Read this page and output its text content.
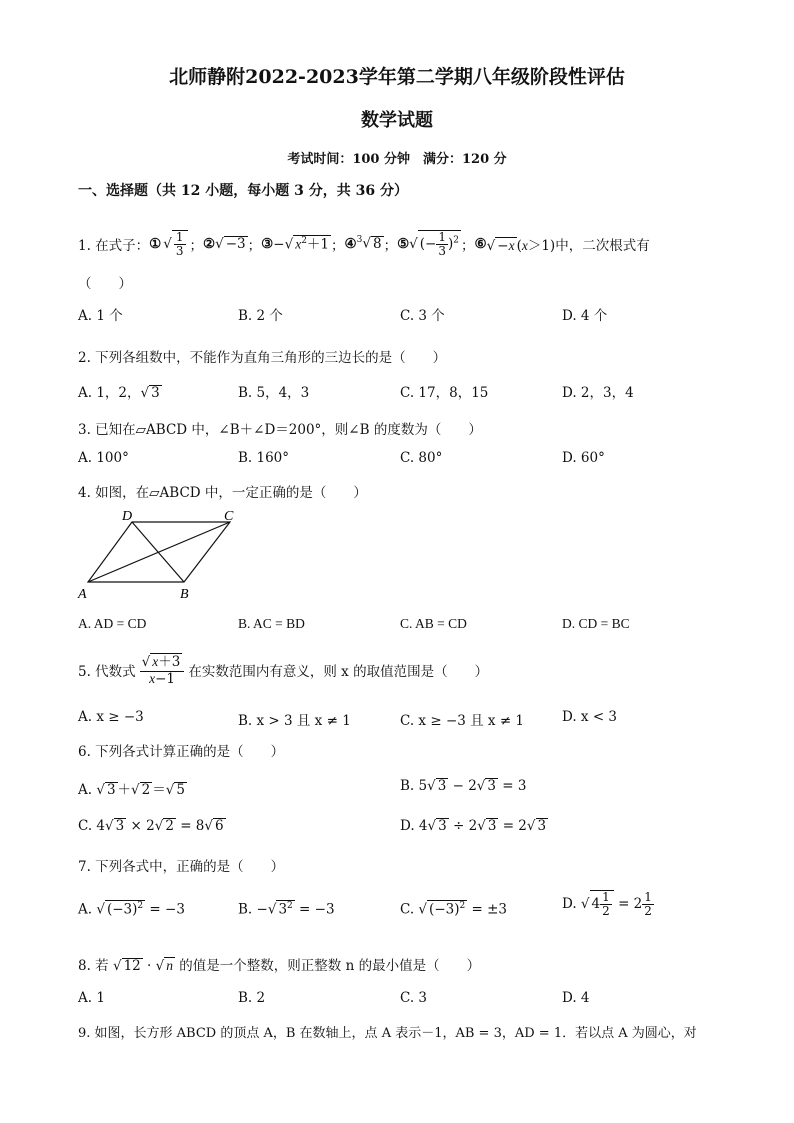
北师静附2022-2023学年第二学期八年级阶段性评估
数学试题
考试时间：100 分钟　满分：120 分
一、选择题（共 12 小题，每小题 3 分，共 36 分）
1. 在式子： ① √ $\frac{1}{3}$ ； ② √ −3 ； ③ −√ $x^2+1$ ； ④ $^3$√ 8 ； ⑤ √ (− $\frac{1}{3} )^2$ ； ⑥ √ −x (x＞1) 中，二次根式有
（　　）
A. 1 个	B. 2 个	C. 3 个	D. 4 个
2. 下列各组数中，不能作为直角三角形的三边长的是（　　）
A. 1，2，√ 3	B. 5，4，3	C. 17，8，15	D. 2，3，4
3. 已知在▱ABCD 中，∠B＋∠D＝200°，则∠B 的度数为（　　）
A. 100°	B. 160°	C. 80°	D. 60°
4. 如图，在▱ABCD 中，一定正确的是（　　）
A	B
C
D
A. AD = CD	B. AC = BD	C. AB = CD	D. CD = BC
5. 代数式 $\frac{√ x+3}{x-1}$ 在实数范围内有意义，则 x 的取值范围是（　　）
A. x ≥ −3	B. x > 3 且 x ≠ 1	C. x ≥ −3 且 x ≠ 1	D. x < 3
6. 下列各式计算正确的是（　　）
A. √ 3 ＋√ 2 ＝√ 5	B. 5√ 3 − 2√ 3 = 3
C. 4√ 3 × 2√ 2 = 8√ 6	D. 4√ 3 ÷ 2√ 3 = 2√ 3
7. 下列各式中，正确的是（　　）
A. √ $(-3)^2 = -3$	B. −√ $3^2 = -3$	C. √ $(-3)^2 = \pm 3$	D. √ $4 \frac{1}{2} = 2 \frac{1}{2}$
8. 若 √ 12 · √ n 的值是一个整数，则正整数 n 的最小值是（　　）
A. 1	B. 2	C. 3	D. 4
9. 如图，长方形 ABCD 的顶点 A，B 在数轴上，点 A 表示－1，AB = 3，AD = 1．若以点 A 为圆心，对
